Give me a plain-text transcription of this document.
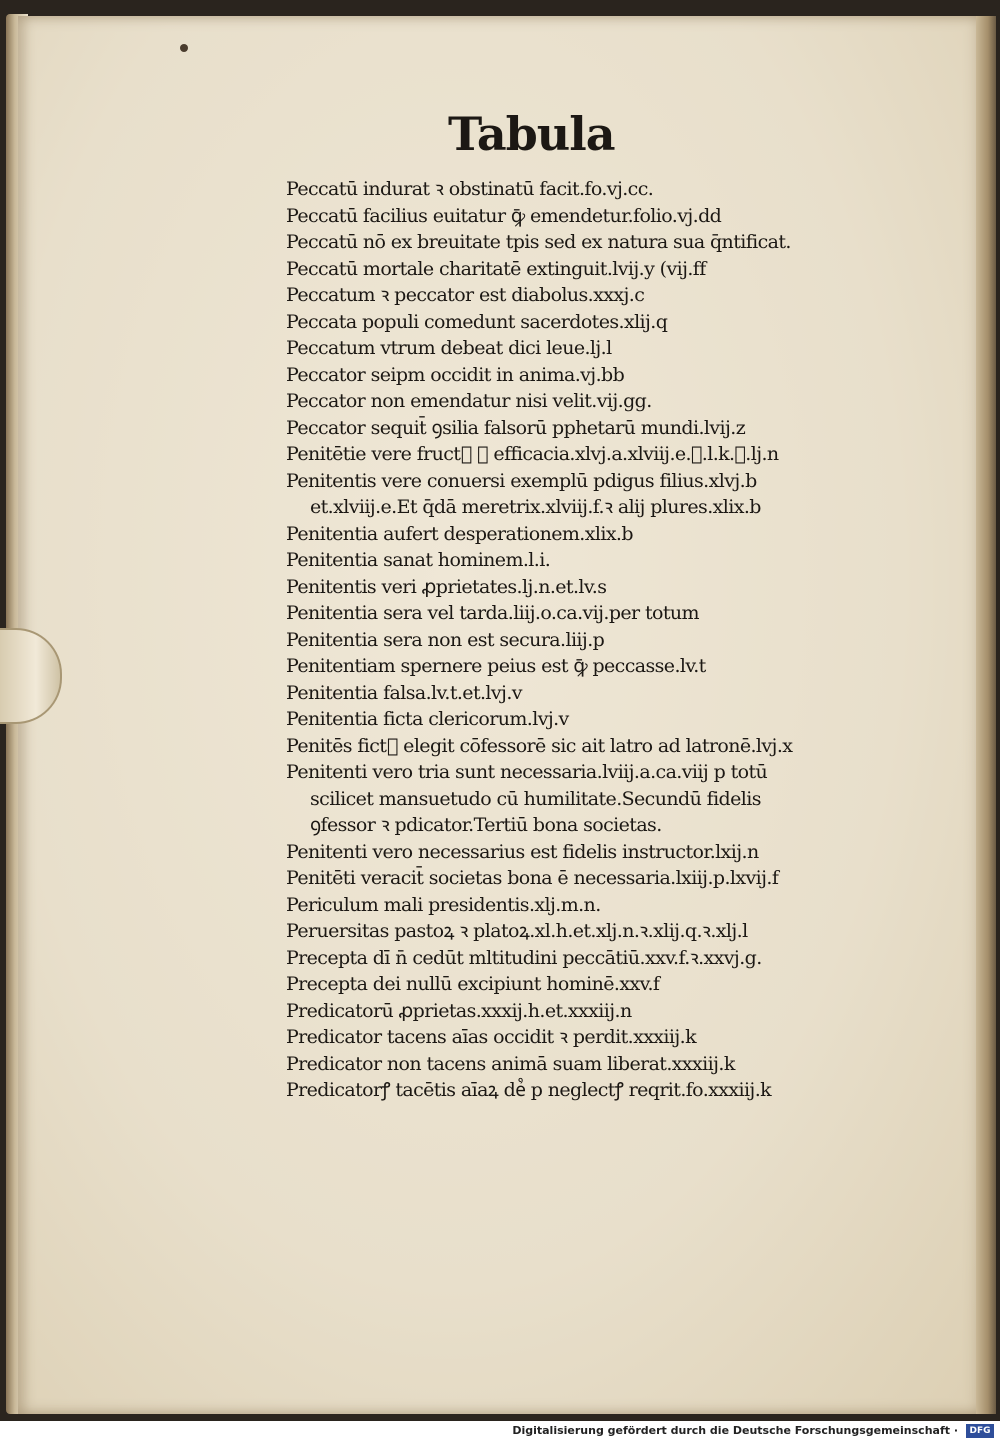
Tabula
Peccatū indurat ꝛ obstinatū facit.fo.vj.cc.
Peccatū facilius euitatur ꝙ̄ emendetur.folio.vj.dd
Peccatū nō ex breuitate tpis sed ex natura sua q̄ntificat.
Peccatū mortale charitatē extinguit.lvij.y (vij.ff
Peccatum ꝛ peccator est diabolus.xxxj.c
Peccata populi comedunt sacerdotes.xlij.q
Peccatum vtrum debeat dici leue.lj.l
Peccator seipm occidit in anima.vj.bb
Peccator non emendatur nisi velit.vij.gg.
Peccator sequit̄ ꝯsilia falsorū pphetarū mundi.lvij.z
Penitētie vere fruct᷒ ꝛ efficacia.xlvj.a.xlviij.e.ꝛ.l.k.ꝛ.lj.n
Penitentis vere conuersi exemplū pdigus filius.xlvj.b
et.xlviij.e.Et q̄dā meretrix.xlviij.f.ꝛ alij plures.xlix.b
Penitentia aufert desperationem.xlix.b
Penitentia sanat hominem.l.i.
Penitentis veri ꝓprietates.lj.n.et.lv.s
Penitentia sera vel tarda.liij.o.ca.vij.per totum
Penitentia sera non est secura.liij.p
Penitentiam spernere peius est ꝙ̄ peccasse.lv.t
Penitentia falsa.lv.t.et.lvj.v
Penitentia ficta clericorum.lvj.v
Penitēs fict᷒ elegit cōfessorē sic ait latro ad latronē.lvj.x
Penitenti vero tria sunt necessaria.lviij.a.ca.viij p totū
scilicet mansuetudo cū humilitate.Secundū fidelis
ꝯfessor ꝛ pdicator.Tertiū bona societas.
Penitenti vero necessarius est fidelis instructor.lxij.n
Penitēti veracit̄ societas bona ē necessaria.lxiij.p.lxvij.f
Periculum mali presidentis.xlj.m.n.
Peruersitas pastoꝝ ꝛ platoꝝ.xl.h.et.xlj.n.ꝛ.xlij.q.ꝛ.xlj.l
Precepta dī n̄ cedūt mltitudini peccātiū.xxv.f.ꝛ.xxvj.g.
Precepta dei nullū excipiunt hominē.xxv.f
Predicatorū ꝓprietas.xxxij.h.et.xxxiij.n
Predicator tacens aīas occidit ꝛ perdit.xxxiij.k
Predicator non tacens animā suam liberat.xxxiij.k
Predicatorꝭ tacētis aīaꝝ de᷒ p neglectꝭ reqrit.fo.xxxiij.k
Digitalisierung gefördert durch die Deutsche Forschungsgemeinschaft ·	DFG
